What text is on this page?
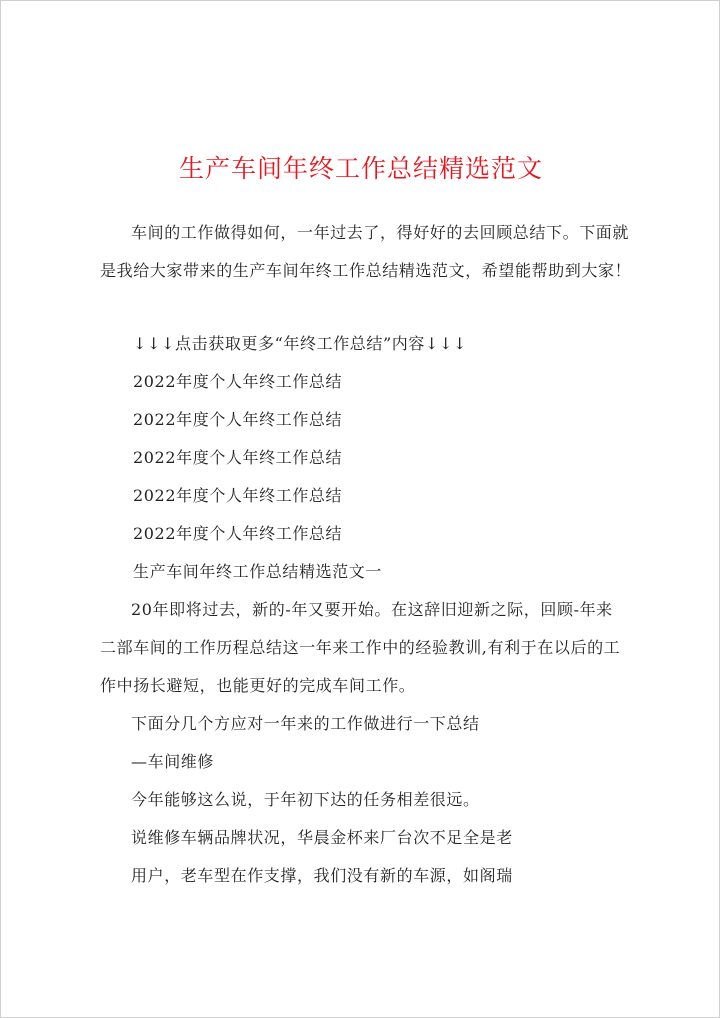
生产车间年终工作总结精选范文
车间的工作做得如何，一年过去了，得好好的去回顾总结下。下面就
是我给大家带来的生产车间年终工作总结精选范文，希望能帮助到大家！
↓↓↓点击获取更多“年终工作总结”内容↓↓↓
2022年度个人年终工作总结
2022年度个人年终工作总结
2022年度个人年终工作总结
2022年度个人年终工作总结
2022年度个人年终工作总结
生产车间年终工作总结精选范文一
20年即将过去，新的-年又要开始。在这辞旧迎新之际，回顾-年来
二部车间的工作历程总结这一年来工作中的经验教训,有利于在以后的工
作中扬长避短，也能更好的完成车间工作。
下面分几个方应对一年来的工作做进行一下总结
—车间维修
今年能够这么说，于年初下达的任务相差很远。
说维修车辆品牌状况，华晨金杯来厂台次不足全是老
用户，老车型在作支撑，我们没有新的车源，如阁瑞
